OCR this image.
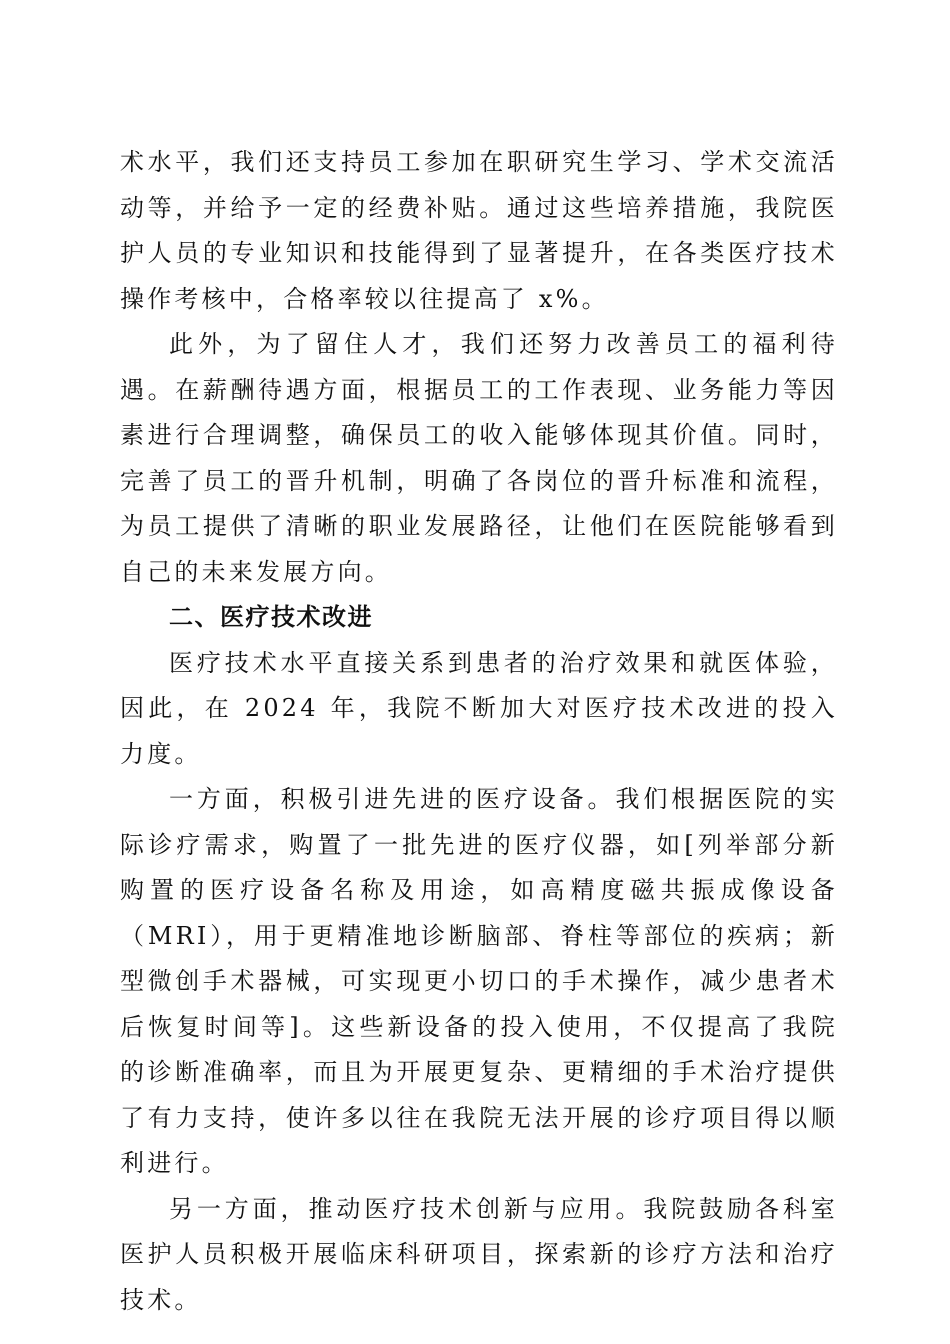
术水平，我们还支持员工参加在职研究生学习、学术交流活动等，并给予一定的经费补贴。通过这些培养措施，我院医护人员的专业知识和技能得到了显著提升，在各类医疗技术操作考核中，合格率较以往提高了 x%。

此外，为了留住人才，我们还努力改善员工的福利待遇。在薪酬待遇方面，根据员工的工作表现、业务能力等因素进行合理调整，确保员工的收入能够体现其价值。同时，完善了员工的晋升机制，明确了各岗位的晋升标准和流程，为员工提供了清晰的职业发展路径，让他们在医院能够看到自己的未来发展方向。

二、医疗技术改进

医疗技术水平直接关系到患者的治疗效果和就医体验，因此，在 2024 年，我院不断加大对医疗技术改进的投入力度。

一方面，积极引进先进的医疗设备。我们根据医院的实际诊疗需求，购置了一批先进的医疗仪器，如[列举部分新购置的医疗设备名称及用途，如高精度磁共振成像设备（MRI），用于更精准地诊断脑部、脊柱等部位的疾病；新型微创手术器械，可实现更小切口的手术操作，减少患者术后恢复时间等]。这些新设备的投入使用，不仅提高了我院的诊断准确率，而且为开展更复杂、更精细的手术治疗提供了有力支持，使许多以往在我院无法开展的诊疗项目得以顺利进行。

另一方面，推动医疗技术创新与应用。我院鼓励各科室医护人员积极开展临床科研项目，探索新的诊疗方法和治疗技术。
